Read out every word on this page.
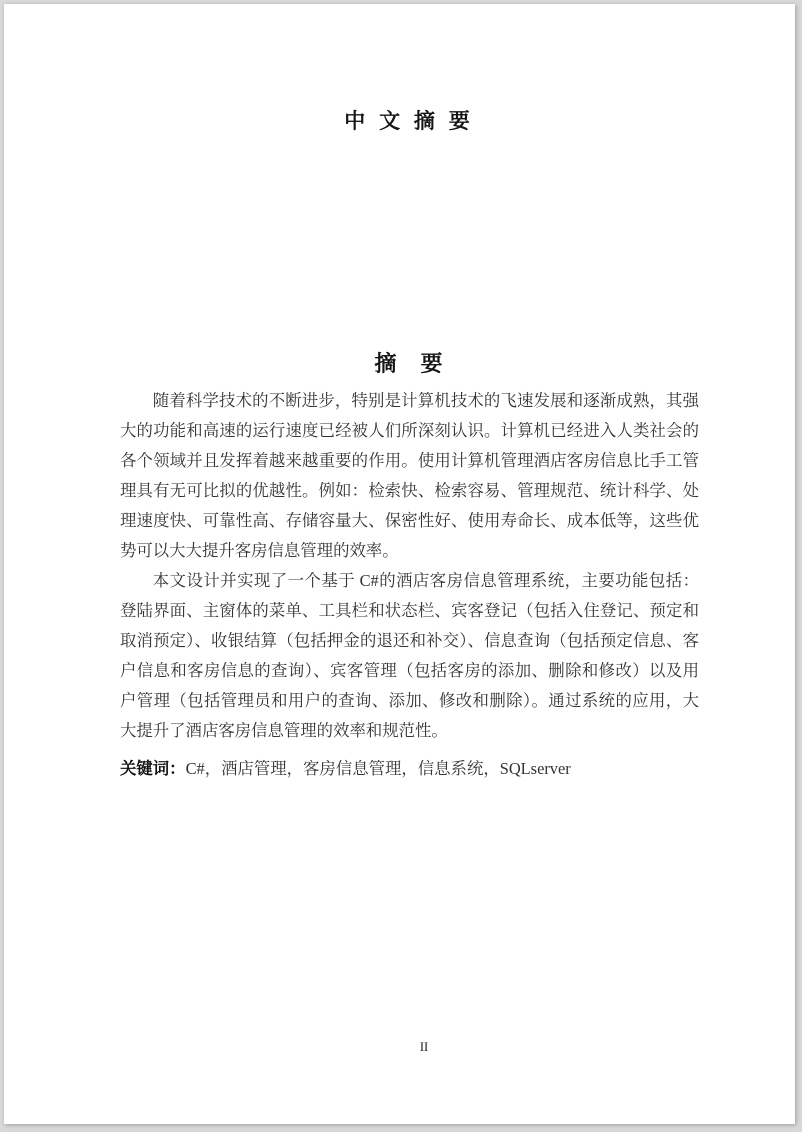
中 文 摘 要
摘　要

随着科学技术的不断进步，特别是计算机技术的飞速发展和逐渐成熟，其强大的功能和高速的运行速度已经被人们所深刻认识。计算机已经进入人类社会的各个领域并且发挥着越来越重要的作用。使用计算机管理酒店客房信息比手工管理具有无可比拟的优越性。例如：检索快、检索容易、管理规范、统计科学、处理速度快、可靠性高、存储容量大、保密性好、使用寿命长、成本低等，这些优势可以大大提升客房信息管理的效率。

本文设计并实现了一个基于 C#的酒店客房信息管理系统，主要功能包括：登陆界面、主窗体的菜单、工具栏和状态栏、宾客登记（包括入住登记、预定和取消预定）、收银结算（包括押金的退还和补交）、信息查询（包括预定信息、客户信息和客房信息的查询）、宾客管理（包括客房的添加、删除和修改）以及用户管理（包括管理员和用户的查询、添加、修改和删除）。通过系统的应用，大大提升了酒店客房信息管理的效率和规范性。

关键词：C#，酒店管理，客房信息管理，信息系统，SQLserver

II
